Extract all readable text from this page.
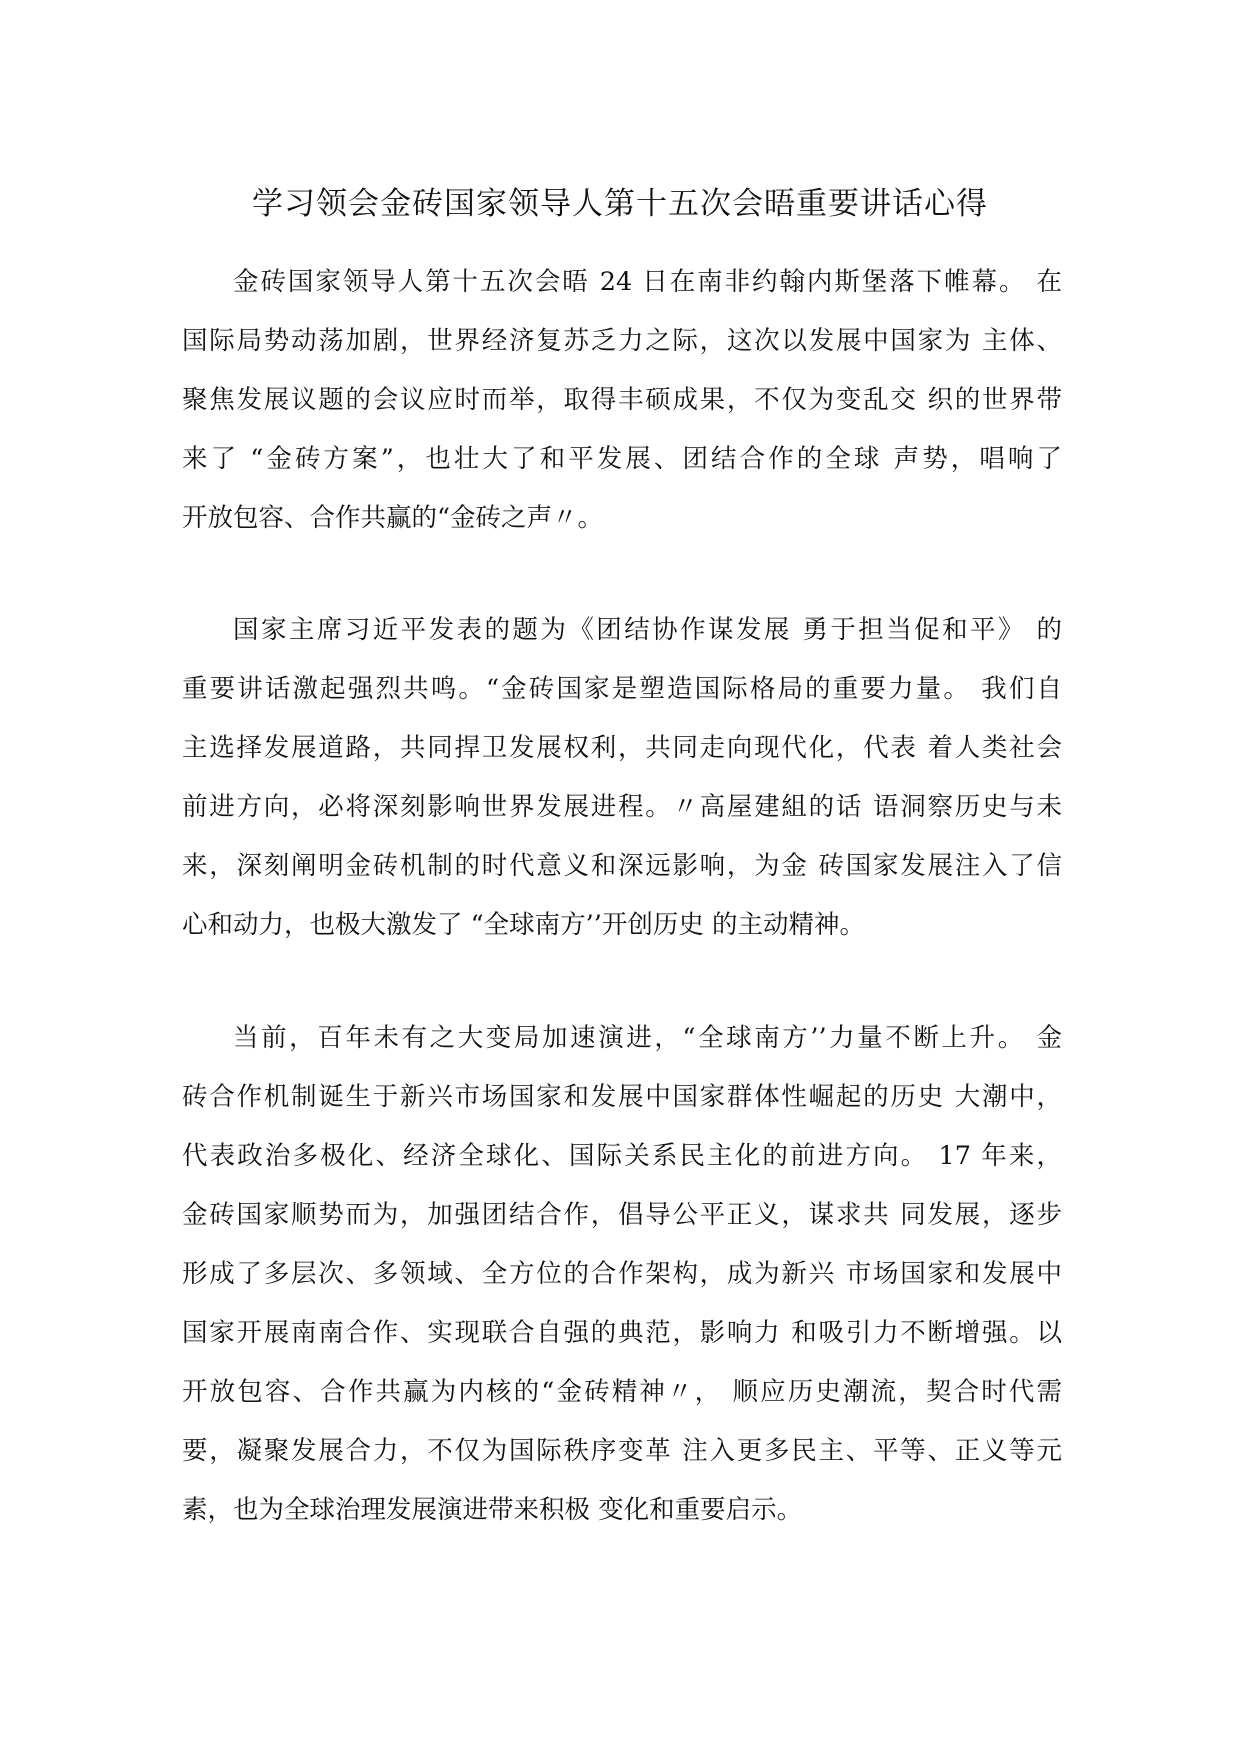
学习领会金砖国家领导人第十五次会晤重要讲话心得
金砖国家领导人第十五次会晤 24 日在南非约翰内斯堡落下帷幕。 在
国际局势动荡加剧，世界经济复苏乏力之际，这次以发展中国家为 主体、
聚焦发展议题的会议应时而举，取得丰硕成果，不仅为变乱交 织的世界带
来了 “金砖方案”，也壮大了和平发展、团结合作的全球 声势，唱响了
开放包容、合作共赢的“金砖之声〃。
国家主席习近平发表的题为《团结协作谋发展 勇于担当促和平》 的
重要讲话激起强烈共鸣。“金砖国家是塑造国际格局的重要力量。 我们自
主选择发展道路，共同捍卫发展权利，共同走向现代化，代表 着人类社会
前进方向，必将深刻影响世界发展进程。〃高屋建組的话 语洞察历史与未
来，深刻阐明金砖机制的时代意义和深远影响，为金 砖国家发展注入了信
心和动力，也极大激发了 “全球南方’’开创历史 的主动精神。
当前，百年未有之大变局加速演进，“全球南方’’力量不断上升。 金
砖合作机制诞生于新兴市场国家和发展中国家群体性崛起的历史 大潮中，
代表政治多极化、经济全球化、国际关系民主化的前进方向。 17 年来，
金砖国家顺势而为，加强团结合作，倡导公平正义，谋求共 同发展，逐步
形成了多层次、多领域、全方位的合作架构，成为新兴 市场国家和发展中
国家开展南南合作、实现联合自强的典范，影响力 和吸引力不断增强。以
开放包容、合作共赢为内核的“金砖精神〃， 顺应历史潮流，契合时代需
要，凝聚发展合力，不仅为国际秩序变革 注入更多民主、平等、正义等元
素，也为全球治理发展演进带来积极 变化和重要启示。
